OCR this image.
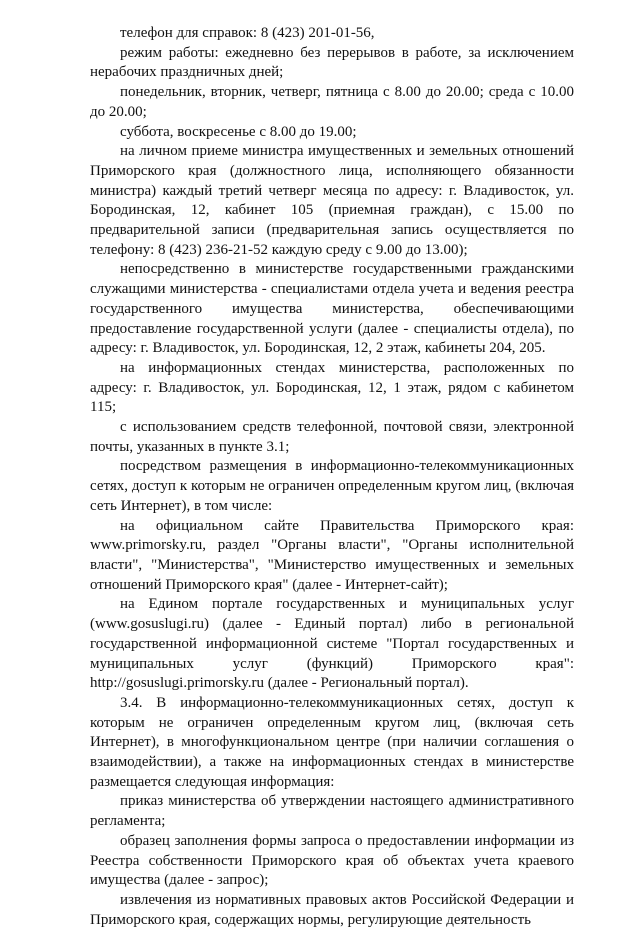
телефон для справок: 8 (423) 201-01-56,

режим работы: ежедневно без перерывов в работе, за исключением нерабочих праздничных дней;

понедельник, вторник, четверг, пятница с 8.00 до 20.00; среда с 10.00 до 20.00;

суббота, воскресенье с 8.00 до 19.00;

на личном приеме министра имущественных и земельных отношений Приморского края (должностного лица, исполняющего обязанности министра) каждый третий четверг месяца по адресу: г. Владивосток, ул. Бородинская, 12, кабинет 105 (приемная граждан), с 15.00 по предварительной записи (предварительная запись осуществляется по телефону: 8 (423) 236-21-52 каждую среду с 9.00 до 13.00);

непосредственно в министерстве государственными гражданскими служащими министерства - специалистами отдела учета и ведения реестра государственного имущества министерства, обеспечивающими предоставление государственной услуги (далее - специалисты отдела), по адресу: г. Владивосток, ул. Бородинская, 12, 2 этаж, кабинеты 204, 205.

на информационных стендах министерства, расположенных по адресу: г. Владивосток, ул. Бородинская, 12, 1 этаж, рядом с кабинетом 115;

с использованием средств телефонной, почтовой связи, электронной почты, указанных в пункте 3.1;

посредством размещения в информационно-телекоммуникационных сетях, доступ к которым не ограничен определенным кругом лиц, (включая сеть Интернет), в том числе:

на официальном сайте Правительства Приморского края: www.primorsky.ru, раздел "Органы власти", "Органы исполнительной власти", "Министерства", "Министерство имущественных и земельных отношений Приморского края" (далее - Интернет-сайт);

на Едином портале государственных и муниципальных услуг (www.gosuslugi.ru) (далее - Единый портал) либо в региональной государственной информационной системе "Портал государственных и муниципальных услуг (функций) Приморского края": http://gosuslugi.primorsky.ru (далее - Региональный портал).

3.4. В информационно-телекоммуникационных сетях, доступ к которым не ограничен определенным кругом лиц, (включая сеть Интернет), в многофункциональном центре (при наличии соглашения о взаимодействии), а также на информационных стендах в министерстве размещается следующая информация:

приказ министерства об утверждении настоящего административного регламента;

образец заполнения формы запроса о предоставлении информации из Реестра собственности Приморского края об объектах учета краевого имущества (далее - запрос);

извлечения из нормативных правовых актов Российской Федерации и Приморского края, содержащих нормы, регулирующие деятельность
